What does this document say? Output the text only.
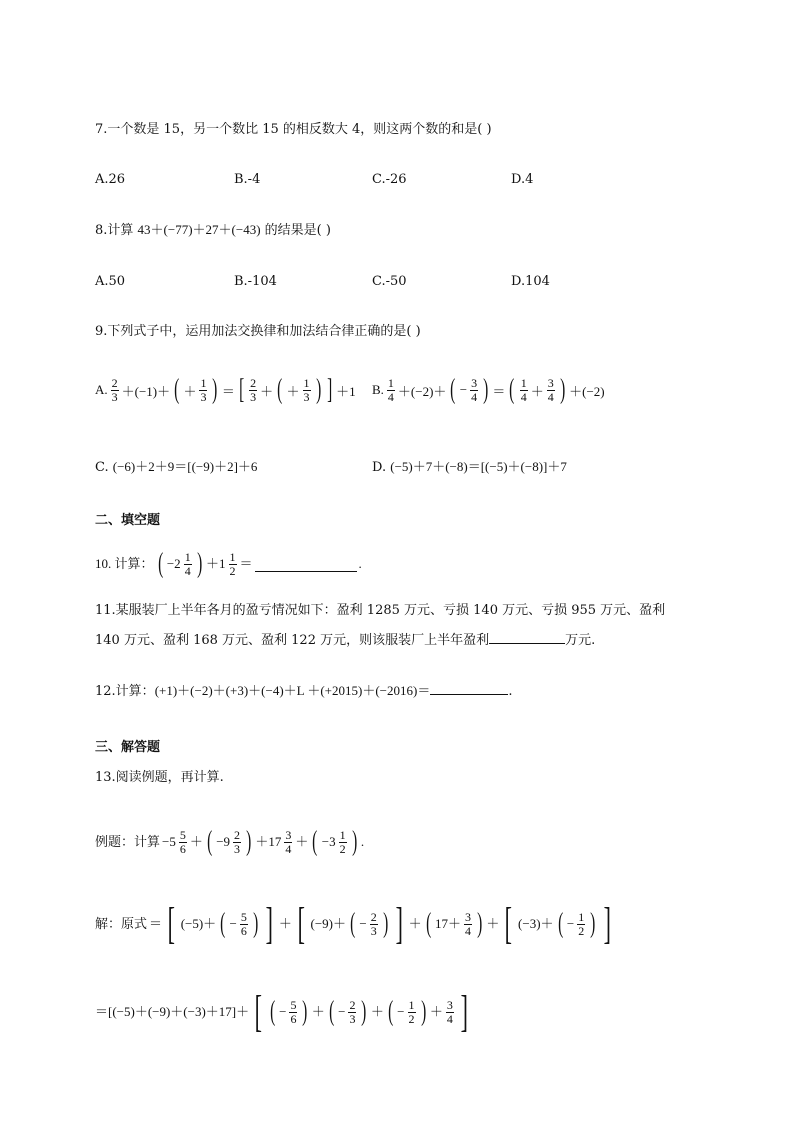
7.一个数是 15，另一个数比 15 的相反数大 4，则这两个数的和是( )
A.26	B.-4	C.-26	D.4
8.计算 43＋(−77)＋27＋(−43) 的结果是( )
A.50	B.-104	C.-50	D.104
9.下列式子中，运用加法交换律和加法结合律正确的是( )
A. $\frac{2}{3} +(-1)+$ ( ＋ $\frac{1}{3}$ ) ＝ [ $\frac{2}{3}$ ＋ ( ＋ $\frac{1}{3}$ ) ] ＋1 B. $\frac{1}{4} +(-2)+$ ( − $\frac{3}{4}$ ) ＝ ( $\frac{1}{4} + \frac{3}{4}$ ) ＋(−2)
C. (−6)＋2＋9＝[(−9)＋2]＋6	D. (−5)＋7＋(−8)＝[(−5)＋(−8)]＋7
二、填空题
10. 计算： ( $-2 \frac{1}{4}$ ) $+1 \frac{1}{2}$ ＝	.
11.某服装厂上半年各月的盈亏情况如下：盈利 1285 万元、亏损 140 万元、亏损 955 万元、盈利
140 万元、盈利 168 万元、盈利 122 万元，则该服装厂上半年盈利	万元.
12.计算：(+1)＋(−2)＋(+3)＋(−4)＋L ＋(+2015)＋(−2016)＝	.
三、解答题
13.阅读例题，再计算.
例题：计算 $-5 \frac{5}{6}$ ＋ ( $-9 \frac{2}{3}$ ) $+17 \frac{3}{4}$ ＋ ( $-3 \frac{1}{2}$ ) .
解：原式 ＝ [ (−5)＋ ( − $\frac{5}{6}$ ) ] ＋ [ (−9)＋ ( − $\frac{2}{3}$ ) ] ＋ ( $17+ \frac{3}{4}$ ) ＋ [ (−3)＋ ( − $\frac{1}{2}$ ) ]
＝[(−5)＋(−9)＋(−3)＋17]＋ [ ( − $\frac{5}{6}$ ) ＋ ( − $\frac{2}{3}$ ) ＋ ( − $\frac{1}{2}$ ) ＋ $\frac{3}{4}$ ]
